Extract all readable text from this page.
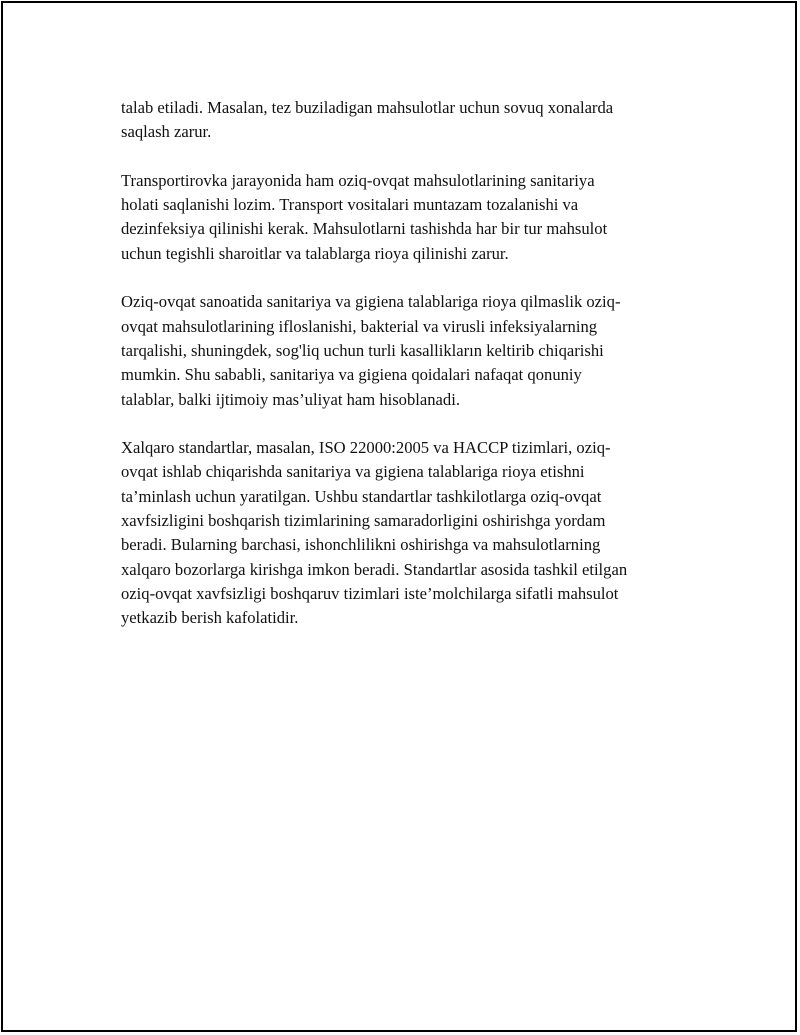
talab etiladi. Masalan, tez buziladigan mahsulotlar uchun sovuq xonalarda
saqlash zarur.

Transportirovka jarayonida ham oziq-ovqat mahsulotlarining sanitariya
holati saqlanishi lozim. Transport vositalari muntazam tozalanishi va
dezinfeksiya qilinishi kerak. Mahsulotlarni tashishda har bir tur mahsulot
uchun tegishli sharoitlar va talablarga rioya qilinishi zarur.

Oziq-ovqat sanoatida sanitariya va gigiena talablariga rioya qilmaslik oziq-
ovqat mahsulotlarining ifloslanishi, bakterial va virusli infeksiyalarning
tarqalishi, shuningdek, sog'liq uchun turli kasallikların keltirib chiqarishi
mumkin. Shu sababli, sanitariya va gigiena qoidalari nafaqat qonuniy
talablar, balki ijtimoiy mas’uliyat ham hisoblanadi.

Xalqaro standartlar, masalan, ISO 22000:2005 va HACCP tizimlari, oziq-
ovqat ishlab chiqarishda sanitariya va gigiena talablariga rioya etishni
ta’minlash uchun yaratilgan. Ushbu standartlar tashkilotlarga oziq-ovqat
xavfsizligini boshqarish tizimlarining samaradorligini oshirishga yordam
beradi. Bularning barchasi, ishonchlilikni oshirishga va mahsulotlarning
xalqaro bozorlarga kirishga imkon beradi. Standartlar asosida tashkil etilgan
oziq-ovqat xavfsizligi boshqaruv tizimlari iste’molchilarga sifatli mahsulot
yetkazib berish kafolatidir.
